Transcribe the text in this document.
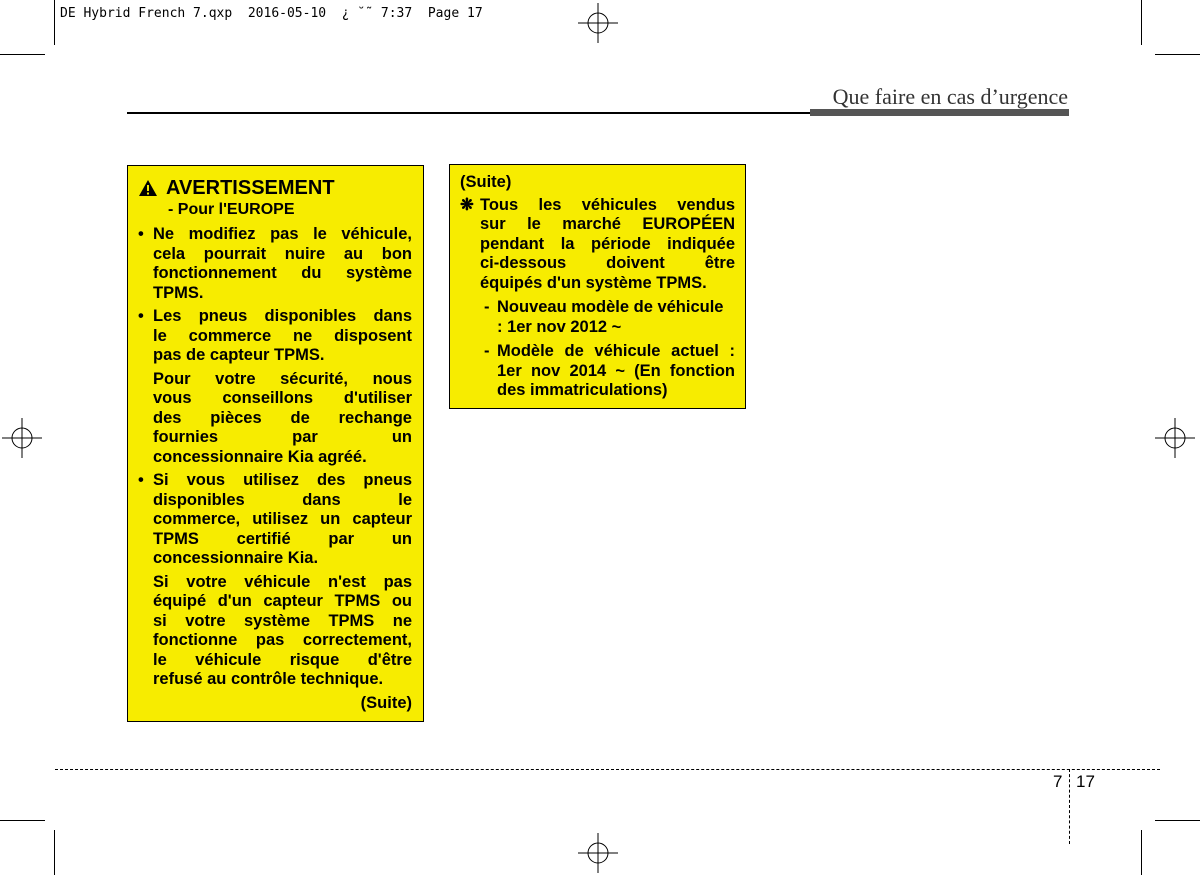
DE Hybrid French 7.qxp  2016-05-10  ¿ ˘˜ 7:37  Page 17
Que faire en cas d’urgence

AVERTISSEMENT

- Pour l'EUROPE

• Ne modifiez pas le véhicule,

cela pourrait nuire au bon

fonctionnement du système

TPMS.

• Les pneus disponibles dans

le commerce ne disposent

pas de capteur TPMS.

Pour votre sécurité, nous

vous conseillons d'utiliser

des pièces de rechange

fournies par un

concessionnaire Kia agréé.

• Si vous utilisez des pneus

disponibles dans le

commerce, utilisez un capteur

TPMS certifié par un

concessionnaire Kia.

Si votre véhicule n'est pas

équipé d'un capteur TPMS ou

si votre système TPMS ne

fonctionne pas correctement,

le véhicule risque d'être

refusé au contrôle technique.

(Suite)

(Suite)

❋ Tous les véhicules vendus

sur le marché EUROPÉEN

pendant la période indiquée

ci-dessous doivent être

équipés d'un système TPMS.

- Nouveau modèle de véhicule

: 1er nov 2012 ~

- Modèle de véhicule actuel :

1er nov 2014 ~ (En fonction

des immatriculations)

7 17
